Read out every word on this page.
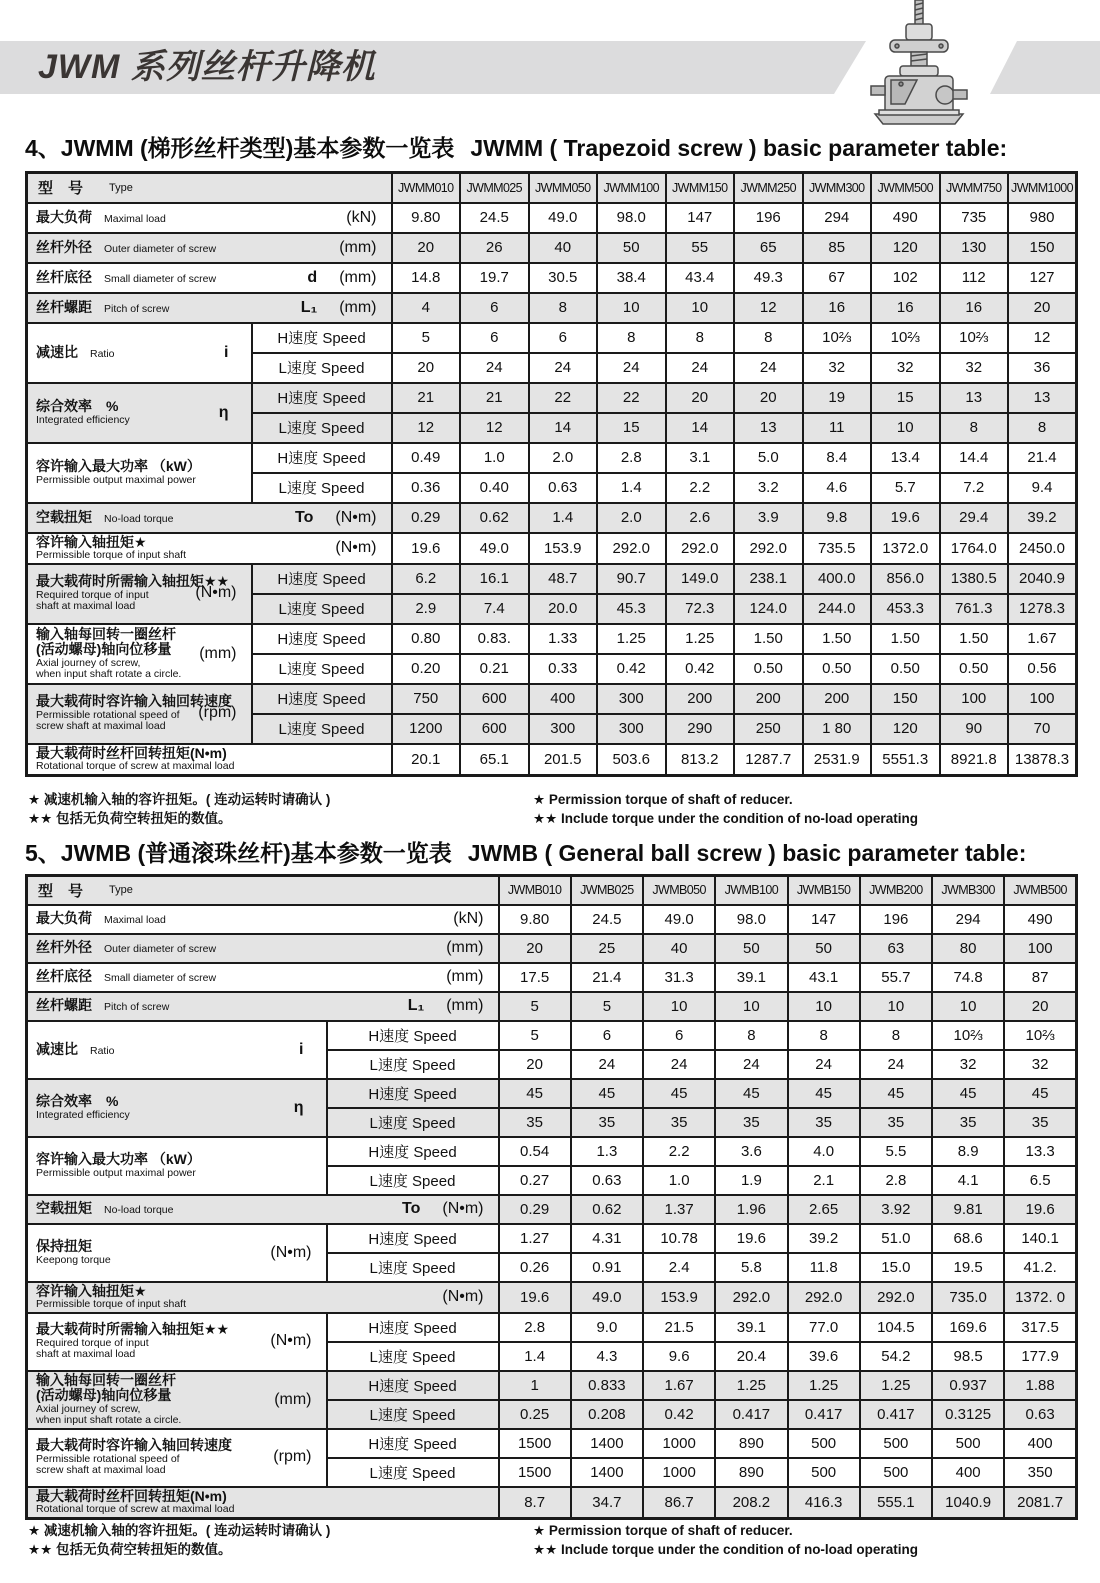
JWM 系列丝杆升降机
4、JWMM (梯形丝杆类型)基本参数一览表 JWMM ( Trapezoid screw ) basic parameter table:
型　号 Type		JWMM010	JWMM025	JWMM050	JWMM100	JWMM150	JWMM250	JWMM300	JWMM500	JWMM750	JWMM1000

最大负荷 Maximal load (kN)		9.80	24.5	49.0	98.0	147	196	294	490	735	980

丝杆外径 Outer diameter of screw (mm)		20	26	40	50	55	65	85	120	130	150

丝杆底径 Small diameter of screw d (mm)		14.8	19.7	30.5	38.4	43.4	49.3	67	102	112	127

丝杆螺距 Pitch of screw L₁ (mm)		4	6	8	10	10	12	16	16	16	20

减速比 Ratio i	H速度 Speed	5	6	6	8	8	8	10⅔	10⅔	10⅔	12
	L速度 Speed	20	24	24	24	24	24	32	32	32	36

综合效率　%
Integrated efficiency η	H速度 Speed	21	21	22	22	20	20	19	15	13	13
	L速度 Speed	12	12	14	15	14	13	11	10	8	8

容许输入最大功率 （kW）
Permissible output maximal power	H速度 Speed	0.49	1.0	2.0	2.8	3.1	5.0	8.4	13.4	14.4	21.4
	L速度 Speed	0.36	0.40	0.63	1.4	2.2	3.2	4.6	5.7	7.2	9.4

空载扭矩 No-load torque To (N•m)		0.29	0.62	1.4	2.0	2.6	3.9	9.8	19.6	29.4	39.2

容许输入轴扭矩★
Permissible torque of input shaft (N•m)		19.6	49.0	153.9	292.0	292.0	292.0	735.5	1372.0	1764.0	2450.0

最大载荷时所需输入轴扭矩★★
Required torque of input
shaft at maximal load
(N•m)	H速度 Speed	6.2	16.1	48.7	90.7	149.0	238.1	400.0	856.0	1380.5	2040.9
	L速度 Speed	2.9	7.4	20.0	45.3	72.3	124.0	244.0	453.3	761.3	1278.3

输入轴每回转一圈丝杆
(活动螺母)轴向位移量
Axial journey of screw,
when input shaft rotate a circle.
(mm)	H速度 Speed	0.80	0.83.	1.33	1.25	1.25	1.50	1.50	1.50	1.50	1.67
	L速度 Speed	0.20	0.21	0.33	0.42	0.42	0.50	0.50	0.50	0.50	0.56

最大载荷时容许输入轴回转速度
Permissible rotational speed of
screw shaft at maximal load
(rpm)	H速度 Speed	750	600	400	300	200	200	200	150	100	100
	L速度 Speed	1200	600	300	300	290	250	1 80	120	90	70

最大载荷时丝杆回转扭矩(N•m)
Rotational torque of screw at maximal load		20.1	65.1	201.5	503.6	813.2	1287.7	2531.9	5551.3	8921.8	13878.3
★ 减速机输入轴的容许扭矩。( 连动运转时请确认 )
★★ 包括无负荷空转扭矩的数值。
★ Permission torque of shaft of reducer.
★★ Include torque under the condition of no-load operating
5、JWMB (普通滚珠丝杆)基本参数一览表 JWMB ( General ball screw ) basic parameter table:
型　号 Type		JWMB010	JWMB025	JWMB050	JWMB100	JWMB150	JWMB200	JWMB300	JWMB500

最大负荷 Maximal load (kN)		9.80	24.5	49.0	98.0	147	196	294	490

丝杆外径 Outer diameter of screw (mm)		20	25	40	50	50	63	80	100

丝杆底径 Small diameter of screw (mm)		17.5	21.4	31.3	39.1	43.1	55.7	74.8	87

丝杆螺距 Pitch of screw L₁ (mm)		5	5	10	10	10	10	10	20

减速比 Ratio i	H速度 Speed	5	6	6	8	8	8	10⅔	10⅔
	L速度 Speed	20	24	24	24	24	24	32	32

综合效率　%
Integrated efficiency η	H速度 Speed	45	45	45	45	45	45	45	45
	L速度 Speed	35	35	35	35	35	35	35	35

容许输入最大功率 （kW）
Permissible output maximal power	H速度 Speed	0.54	1.3	2.2	3.6	4.0	5.5	8.9	13.3
	L速度 Speed	0.27	0.63	1.0	1.9	2.1	2.8	4.1	6.5

空载扭矩 No-load torque To (N•m)		0.29	0.62	1.37	1.96	2.65	3.92	9.81	19.6

保持扭矩
Keepong torque (N•m)	H速度 Speed	1.27	4.31	10.78	19.6	39.2	51.0	68.6	140.1
	L速度 Speed	0.26	0.91	2.4	5.8	11.8	15.0	19.5	41.2.

容许输入轴扭矩★
Permissible torque of input shaft (N•m)		19.6	49.0	153.9	292.0	292.0	292.0	735.0	1372. 0

最大载荷时所需输入轴扭矩★★
Required torque of input
shaft at maximal load
(N•m)	H速度 Speed	2.8	9.0	21.5	39.1	77.0	104.5	169.6	317.5
	L速度 Speed	1.4	4.3	9.6	20.4	39.6	54.2	98.5	177.9

输入轴每回转一圈丝杆
(活动螺母)轴向位移量
Axial journey of screw,
when input shaft rotate a circle.
(mm)	H速度 Speed	1	0.833	1.67	1.25	1.25	1.25	0.937	1.88
	L速度 Speed	0.25	0.208	0.42	0.417	0.417	0.417	0.3125	0.63

最大载荷时容许输入轴回转速度
Permissible rotational speed of
screw shaft at maximal load
(rpm)	H速度 Speed	1500	1400	1000	890	500	500	500	400
	L速度 Speed	1500	1400	1000	890	500	500	400	350

最大载荷时丝杆回转扭矩(N•m)
Rotational torque of screw at maximal load		8.7	34.7	86.7	208.2	416.3	555.1	1040.9	2081.7
★ 减速机输入轴的容许扭矩。( 连动运转时请确认 )
★★ 包括无负荷空转扭矩的数值。
★ Permission torque of shaft of reducer.
★★ Include torque under the condition of no-load operating
